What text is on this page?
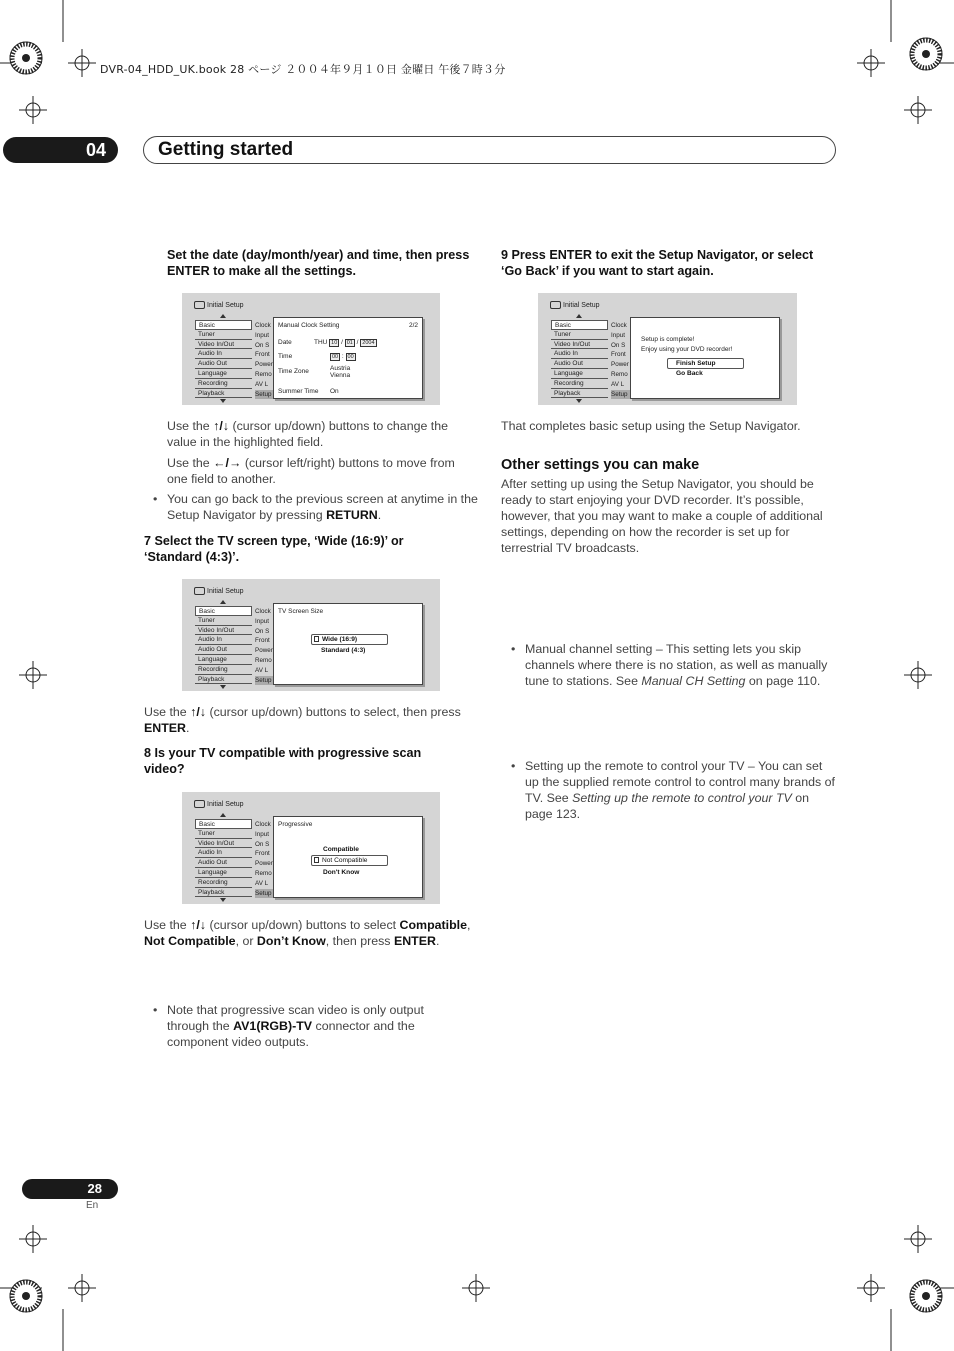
DVR-04_HDD_UK.book 28 ページ ２００４年９月１０日 金曜日 午後７時３分
04	Getting started
Set the date (day/month/year) and time, then press ENTER to make all the settings.
Initial Setup
Basic
Tuner
Video In/Out
Audio In
Audio Out
Language
Recording
Playback
Clock
Input
On S
Front
Power
Remo
AV L
Setup
Manual Clock Setting	2/2
Date	THU 10 / 01 / 2004
Time	00 : 00
Time Zone	Austria
Vienna
Summer Time On
Use the ↑/↓ (cursor up/down) buttons to change the value in the highlighted field.
Use the ←/→ (cursor left/right) buttons to move from one field to another.
• You can go back to the previous screen at anytime in the Setup Navigator by pressing RETURN.
7 Select the TV screen type, ‘Wide (16:9)’ or ‘Standard (4:3)’.
Initial Setup
Basic
Tuner
Video In/Out
Audio In
Audio Out
Language
Recording
Playback
Clock
Input
On S
Front
Power
Remo
AV L
Setup
TV Screen Size
Wide (16:9)
Standard (4:3)
Use the ↑/↓ (cursor up/down) buttons to select, then press ENTER.
8 Is your TV compatible with progressive scan video?
Initial Setup
Basic
Tuner
Video In/Out
Audio In
Audio Out
Language
Recording
Playback
Clock
Input
On S
Front
Power
Remo
AV L
Setup
Progressive
Compatible
Not Compatible
Don't Know
Use the ↑/↓ (cursor up/down) buttons to select Compatible, Not Compatible, or Don’t Know, then press ENTER.
• Note that progressive scan video is only output through the AV1(RGB)-TV connector and the component video outputs.
9 Press ENTER to exit the Setup Navigator, or select ‘Go Back’ if you want to start again.
Initial Setup
Basic
Tuner
Video In/Out
Audio In
Audio Out
Language
Recording
Playback
Clock
Input
On S
Front
Power
Remo
AV L
Setup
Setup is complete!
Enjoy using your DVD recorder!
Finish Setup
Go Back
That completes basic setup using the Setup Navigator.
Other settings you can make
After setting up using the Setup Navigator, you should be ready to start enjoying your DVD recorder. It’s possible, however, that you may want to make a couple of additional settings, depending on how the recorder is set up for terrestrial TV broadcasts.
• Manual channel setting – This setting lets you skip channels where there is no station, as well as manually tune to stations. See Manual CH Setting on page 110.
• Setting up the remote to control your TV – You can set up the supplied remote control to control many brands of TV. See Setting up the remote to control your TV on page 123.
28
En
